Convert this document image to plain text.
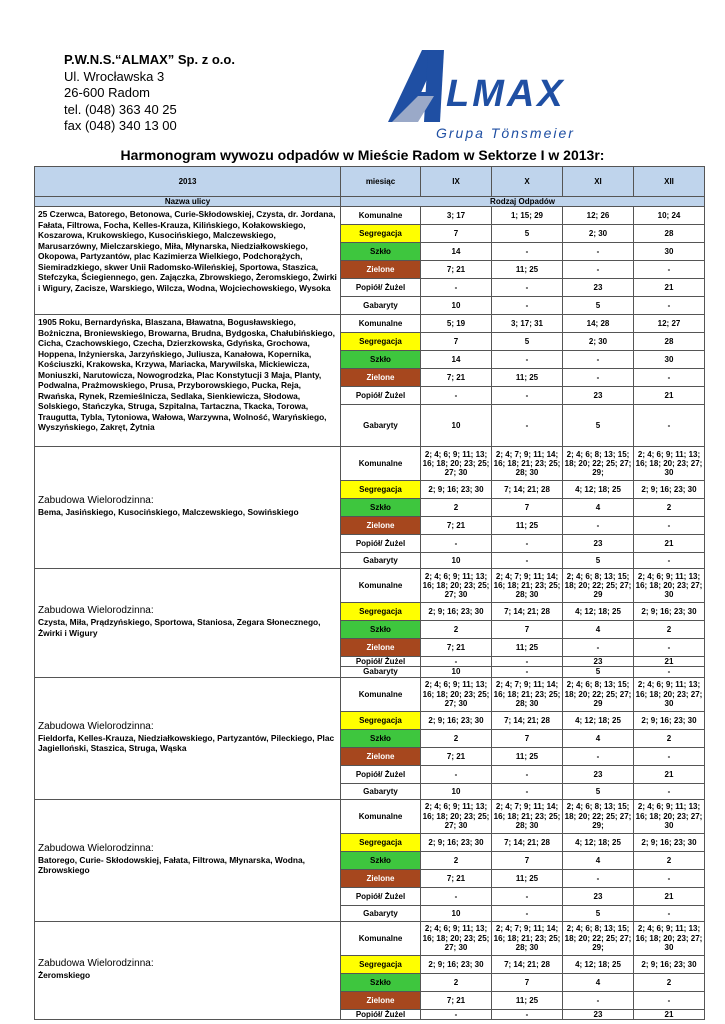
P.W.N.S.“ALMAX” Sp. z o.o.
Ul. Wrocławska 3
26-600 Radom
tel. (048) 363 40 25
fax (048) 340 13 00
LMAX
Grupa Tönsmeier
Harmonogram wywozu odpadów w Mieście Radom w Sektorze I w 2013r:
2013	miesiąc	IX	X	XI	XII
Nazwa ulicy	Rodzaj Odpadów				
25 Czerwca, Batorego, Betonowa, Curie-Skłodowskiej, Czysta, dr. Jordana, Fałata, Filtrowa, Focha, Kelles-Krauza, Kilińskiego, Kołakowskiego, Koszarowa, Krukowskiego, Kusocińskiego, Malczewskiego, Marusarzówny, Mielczarskiego, Miła, Młynarska, Niedziałkowskiego, Okopowa, Partyzantów, plac Kazimierza Wielkiego, Podchorążych, Siemiradzkiego, skwer Unii Radomsko-Wileńskiej, Sportowa, Staszica, Stefczyka, Ściegiennego, gen. Zajączka, Zbrowskiego, Żeromskiego, Żwirki i Wigury, Zacisze, Warskiego, Wilcza, Wodna, Wojciechowskiego, Wysoka	Komunalne	3; 17	1; 15; 29	12; 26	10; 24
	Segregacja	7	5	2; 30	28
	Szkło	14	-	-	30
	Zielone	7; 21	11; 25	-	-
	Popiół/ Żużel	-	-	23	21
	Gabaryty	10	-	5	-
1905 Roku, Bernardyńska, Blaszana, Bławatna, Bogusławskiego, Bożniczna, Broniewskiego, Browarna, Brudna, Bydgoska, Chałubińskiego, Cicha, Czachowskiego, Czecha, Dzierzkowska, Gdyńska, Grochowa, Hoppena, Inżynierska, Jarzyńskiego, Juliusza, Kanałowa, Kopernika, Kościuszki, Krakowska, Krzywa, Mariacka, Marywilska, Mickiewicza, Moniuszki, Narutowicza, Nowogrodzka, Plac Konstytucji 3 Maja, Planty, Podwalna, Prażmowskiego, Prusa, Przyborowskiego, Pucka, Reja, Rwańska, Rynek, Rzemieślnicza, Sedlaka, Sienkiewicza, Słodowa, Solskiego, Stańczyka, Struga, Szpitalna, Tartaczna, Tkacka, Torowa, Traugutta, Tybla, Tytoniowa, Wałowa, Warzywna, Wolność, Waryńskiego, Wyszyńskiego, Zakręt, Żytnia	Komunalne	5; 19	3; 17; 31	14; 28	12; 27
	Segregacja	7	5	2; 30	28
	Szkło	14	-	-	30
	Zielone	7; 21	11; 25	-	-
	Popiół/ Żużel	-	-	23	21
	Gabaryty	10	-	5	-

Zabudowa Wielorodzinna:
Bema, Jasińskiego, Kusocińskiego, Malczewskiego, Sowińskiego	Komunalne	2; 4; 6; 9; 11; 13; 16; 18; 20; 23; 25; 27; 30	2; 4; 7; 9; 11; 14; 16; 18; 21; 23; 25; 28; 30	2; 4; 6; 8; 13; 15; 18; 20; 22; 25; 27; 29;	2; 4; 6; 9; 11; 13; 16; 18; 20; 23; 27; 30
	Segregacja	2; 9; 16; 23; 30	7; 14; 21; 28	4; 12; 18; 25	2; 9; 16; 23; 30
	Szkło	2	7	4	2
	Zielone	7; 21	11; 25	-	-
	Popiół/ Żużel	-	-	23	21
	Gabaryty	10	-	5	-

Zabudowa Wielorodzinna:
Czysta, Miła, Prądzyńskiego, Sportowa, Staniosa, Zegara Słonecznego, Żwirki i Wigury	Komunalne	2; 4; 6; 9; 11; 13; 16; 18; 20; 23; 25; 27; 30	2; 4; 7; 9; 11; 14; 16; 18; 21; 23; 25; 28; 30	2; 4; 6; 8; 13; 15; 18; 20; 22; 25; 27; 29	2; 4; 6; 9; 11; 13; 16; 18; 20; 23; 27; 30
	Segregacja	2; 9; 16; 23; 30	7; 14; 21; 28	4; 12; 18; 25	2; 9; 16; 23; 30
	Szkło	2	7	4	2
	Zielone	7; 21	11; 25	-	-
	Popiół/ Żużel	-	-	23	21
	Gabaryty	10	-	5	-

Zabudowa Wielorodzinna:
Fieldorfa, Kelles-Krauza, Niedziałkowskiego, Partyzantów, Pileckiego, Plac Jagielloński, Staszica, Struga, Wąska	Komunalne	2; 4; 6; 9; 11; 13; 16; 18; 20; 23; 25; 27; 30	2; 4; 7; 9; 11; 14; 16; 18; 21; 23; 25; 28; 30	2; 4; 6; 8; 13; 15; 18; 20; 22; 25; 27; 29	2; 4; 6; 9; 11; 13; 16; 18; 20; 23; 27; 30
	Segregacja	2; 9; 16; 23; 30	7; 14; 21; 28	4; 12; 18; 25	2; 9; 16; 23; 30
	Szkło	2	7	4	2
	Zielone	7; 21	11; 25	-	-
	Popiół/ Żużel	-	-	23	21
	Gabaryty	10	-	5	-

Zabudowa Wielorodzinna:
Batorego, Curie- Skłodowskiej, Fałata, Filtrowa, Młynarska, Wodna, Zbrowskiego	Komunalne	2; 4; 6; 9; 11; 13; 16; 18; 20; 23; 25; 27; 30	2; 4; 7; 9; 11; 14; 16; 18; 21; 23; 25; 28; 30	2; 4; 6; 8; 13; 15; 18; 20; 22; 25; 27; 29;	2; 4; 6; 9; 11; 13; 16; 18; 20; 23; 27; 30
	Segregacja	2; 9; 16; 23; 30	7; 14; 21; 28	4; 12; 18; 25	2; 9; 16; 23; 30
	Szkło	2	7	4	2
	Zielone	7; 21	11; 25	-	-
	Popiół/ Żużel	-	-	23	21
	Gabaryty	10	-	5	-

Zabudowa Wielorodzinna:
Żeromskiego	Komunalne	2; 4; 6; 9; 11; 13; 16; 18; 20; 23; 25; 27; 30	2; 4; 7; 9; 11; 14; 16; 18; 21; 23; 25; 28; 30	2; 4; 6; 8; 13; 15; 18; 20; 22; 25; 27; 29;	2; 4; 6; 9; 11; 13; 16; 18; 20; 23; 27; 30
	Segregacja	2; 9; 16; 23; 30	7; 14; 21; 28	4; 12; 18; 25	2; 9; 16; 23; 30
	Szkło	2	7	4	2
	Zielone	7; 21	11; 25	-	-
	Popiół/ Żużel	-	-	23	21
